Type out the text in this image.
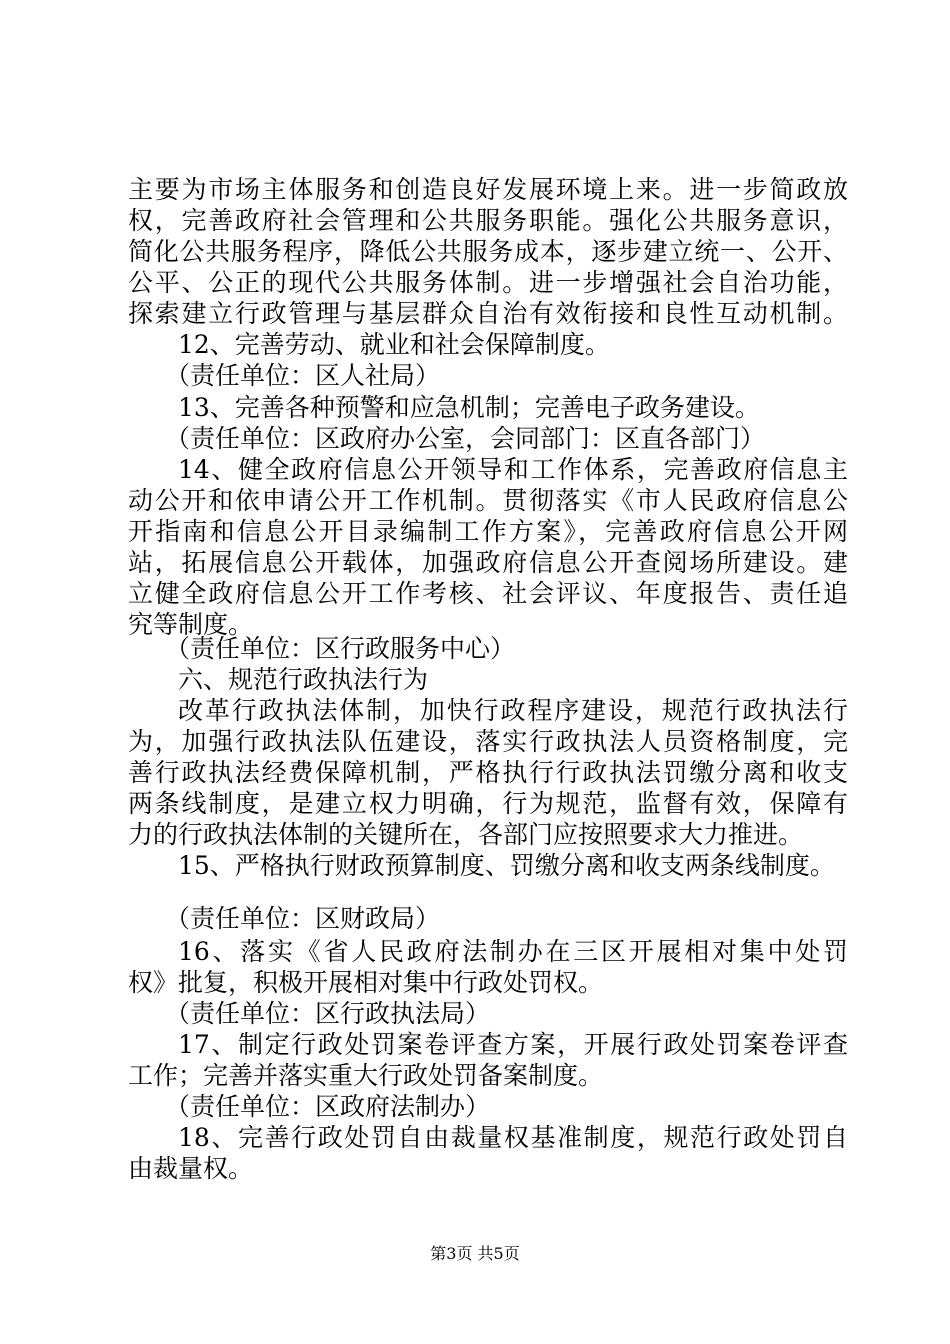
主要为市场主体服务和创造良好发展环境上来。进一步简政放
权，完善政府社会管理和公共服务职能。强化公共服务意识，
简化公共服务程序，降低公共服务成本，逐步建立统一、公开、
公平、公正的现代公共服务体制。进一步增强社会自治功能，
探索建立行政管理与基层群众自治有效衔接和良性互动机制。
12、完善劳动、就业和社会保障制度。
（责任单位：区人社局）
13、完善各种预警和应急机制；完善电子政务建设。
（责任单位：区政府办公室，会同部门：区直各部门）
14、健全政府信息公开领导和工作体系，完善政府信息主
动公开和依申请公开工作机制。贯彻落实《市人民政府信息公
开指南和信息公开目录编制工作方案》，完善政府信息公开网
站，拓展信息公开载体，加强政府信息公开查阅场所建设。建
立健全政府信息公开工作考核、社会评议、年度报告、责任追
究等制度。
（责任单位：区行政服务中心）
六、规范行政执法行为
改革行政执法体制，加快行政程序建设，规范行政执法行
为，加强行政执法队伍建设，落实行政执法人员资格制度，完
善行政执法经费保障机制，严格执行行政执法罚缴分离和收支
两条线制度，是建立权力明确，行为规范，监督有效，保障有
力的行政执法体制的关键所在，各部门应按照要求大力推进。
15、严格执行财政预算制度、罚缴分离和收支两条线制度。
（责任单位：区财政局）
16、落实《省人民政府法制办在三区开展相对集中处罚
权》批复，积极开展相对集中行政处罚权。
（责任单位：区行政执法局）
17、制定行政处罚案卷评查方案，开展行政处罚案卷评查
工作；完善并落实重大行政处罚备案制度。
（责任单位：区政府法制办）
18、完善行政处罚自由裁量权基准制度，规范行政处罚自
由裁量权。
第3页 共5页
